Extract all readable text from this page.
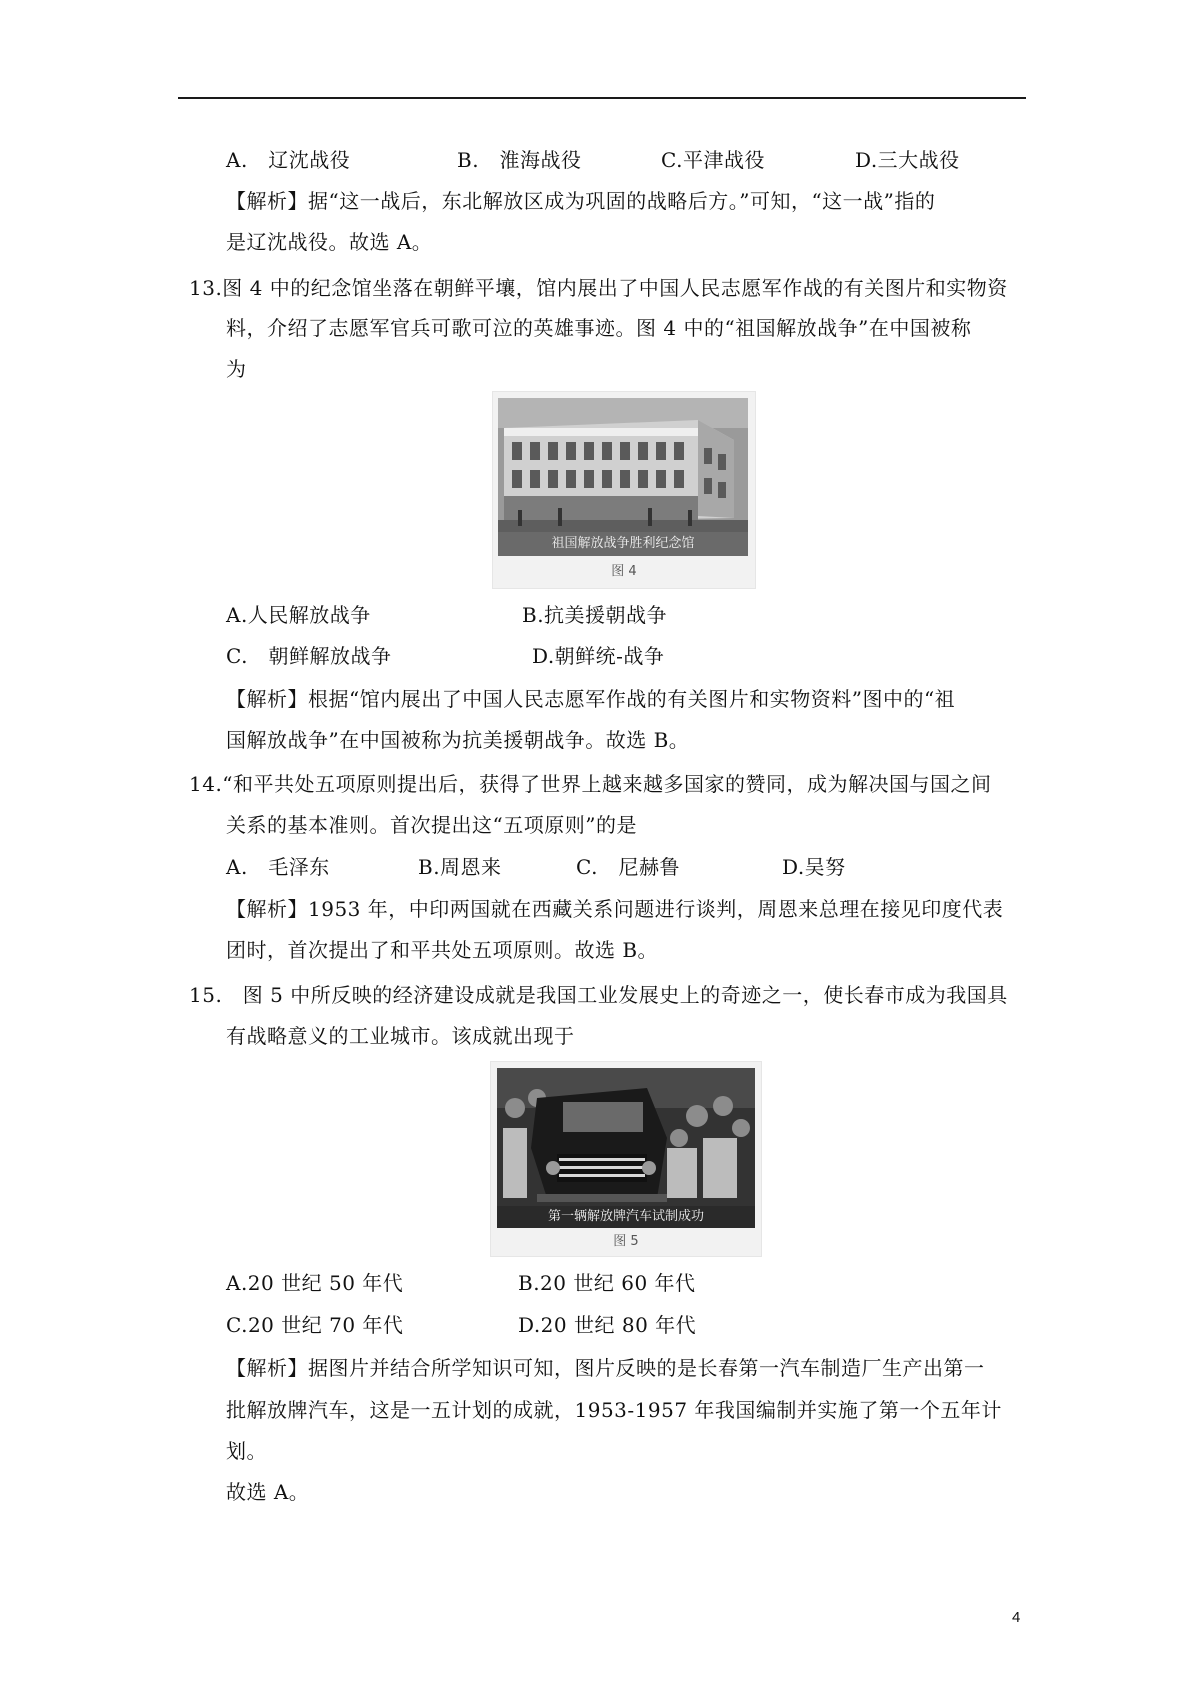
A.　辽沈战役	B.　淮海战役	C.平津战役	D.三大战役
【解析】据“这一战后，东北解放区成为巩固的战略后方。”可知，“这一战”指的
是辽沈战役。故选 A。
13.图 4 中的纪念馆坐落在朝鲜平壤，馆内展出了中国人民志愿军作战的有关图片和实物资
料，介绍了志愿军官兵可歌可泣的英雄事迹。图 4 中的“祖国解放战争”在中国被称
为
祖国解放战争胜利纪念馆
图 4
A.人民解放战争	B.抗美援朝战争
C.　朝鲜解放战争	D.朝鲜统-战争
【解析】根据“馆内展出了中国人民志愿军作战的有关图片和实物资料”图中的“祖
国解放战争”在中国被称为抗美援朝战争。故选 B。
14.“和平共处五项原则提出后，获得了世界上越来越多国家的赞同，成为解决国与国之间
关系的基本准则。首次提出这“五项原则”的是
A.　毛泽东	B.周恩来	C.　尼赫鲁	D.吴努
【解析】1953 年，中印两国就在西藏关系问题进行谈判，周恩来总理在接见印度代表
团时，首次提出了和平共处五项原则。故选 B。
15.　图 5 中所反映的经济建设成就是我国工业发展史上的奇迹之一，使长春市成为我国具
有战略意义的工业城市。该成就出现于
第一辆解放牌汽车试制成功
图 5
A.20 世纪 50 年代	B.20 世纪 60 年代
C.20 世纪 70 年代	D.20 世纪 80 年代
【解析】据图片并结合所学知识可知，图片反映的是长春第一汽车制造厂生产出第一
批解放牌汽车，这是一五计划的成就，1953-1957 年我国编制并实施了第一个五年计
划。
故选 A。
4
